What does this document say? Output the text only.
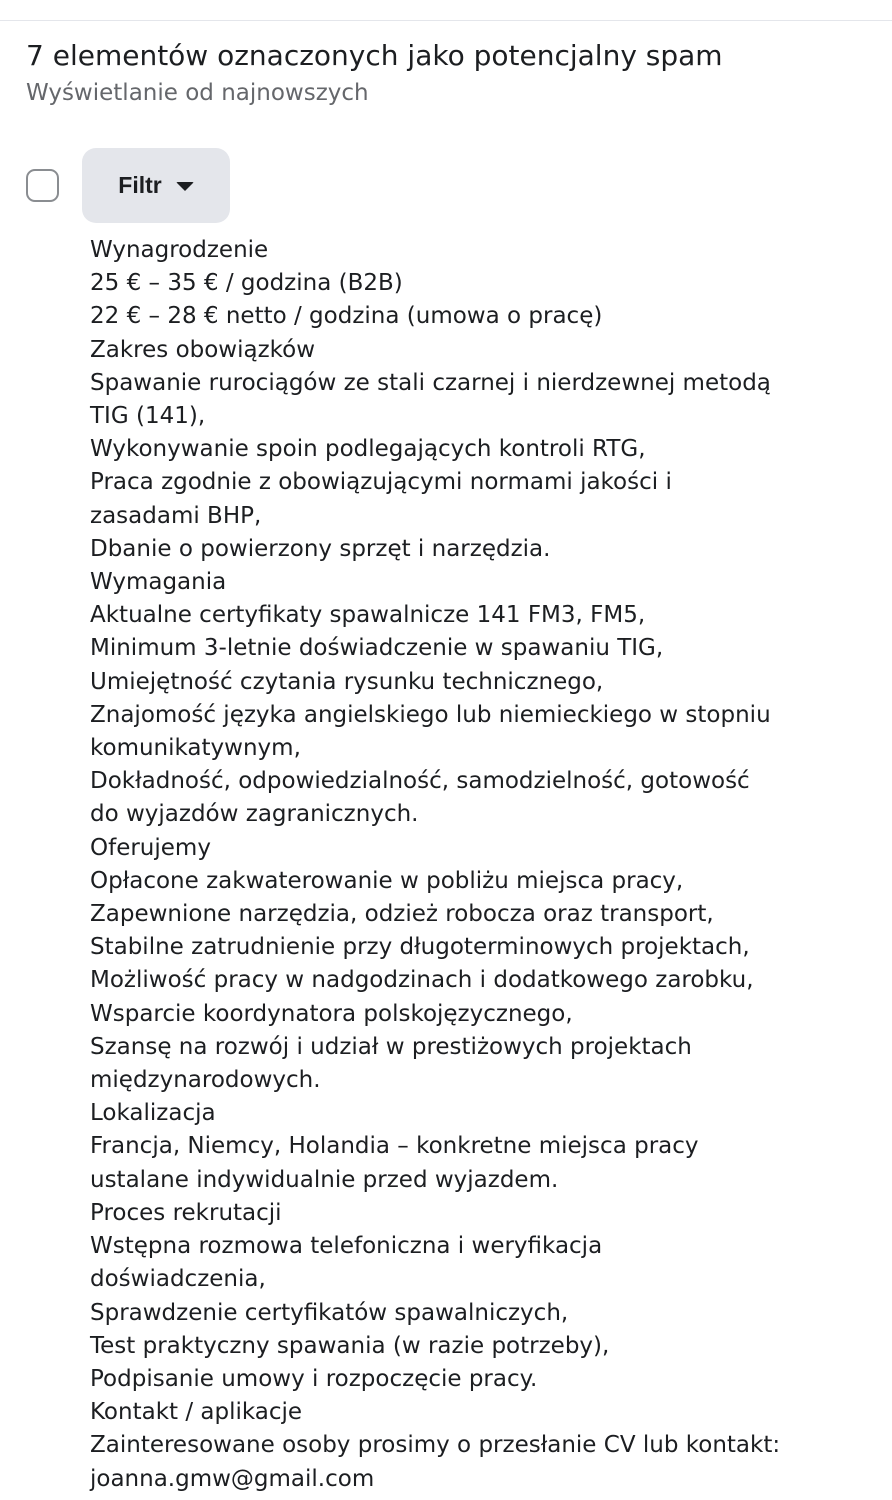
7 elementów oznaczonych jako potencjalny spam
Wyświetlanie od najnowszych
Filtr
Wynagrodzenie
25 € – 35 € / godzina (B2B)
22 € – 28 € netto / godzina (umowa o pracę)
Zakres obowiązków
Spawanie rurociągów ze stali czarnej i nierdzewnej metodą
TIG (141),
Wykonywanie spoin podlegających kontroli RTG,
Praca zgodnie z obowiązującymi normami jakości i
zasadami BHP,
Dbanie o powierzony sprzęt i narzędzia.
Wymagania
Aktualne certyfikaty spawalnicze 141 FM3, FM5,
Minimum 3-letnie doświadczenie w spawaniu TIG,
Umiejętność czytania rysunku technicznego,
Znajomość języka angielskiego lub niemieckiego w stopniu
komunikatywnym,
Dokładność, odpowiedzialność, samodzielność, gotowość
do wyjazdów zagranicznych.
Oferujemy
Opłacone zakwaterowanie w pobliżu miejsca pracy,
Zapewnione narzędzia, odzież robocza oraz transport,
Stabilne zatrudnienie przy długoterminowych projektach,
Możliwość pracy w nadgodzinach i dodatkowego zarobku,
Wsparcie koordynatora polskojęzycznego,
Szansę na rozwój i udział w prestiżowych projektach
międzynarodowych.
Lokalizacja
Francja, Niemcy, Holandia – konkretne miejsca pracy
ustalane indywidualnie przed wyjazdem.
Proces rekrutacji
Wstępna rozmowa telefoniczna i weryfikacja
doświadczenia,
Sprawdzenie certyfikatów spawalniczych,
Test praktyczny spawania (w razie potrzeby),
Podpisanie umowy i rozpoczęcie pracy.
Kontakt / aplikacje
Zainteresowane osoby prosimy o przesłanie CV lub kontakt:
joanna.gmw@gmail.com
